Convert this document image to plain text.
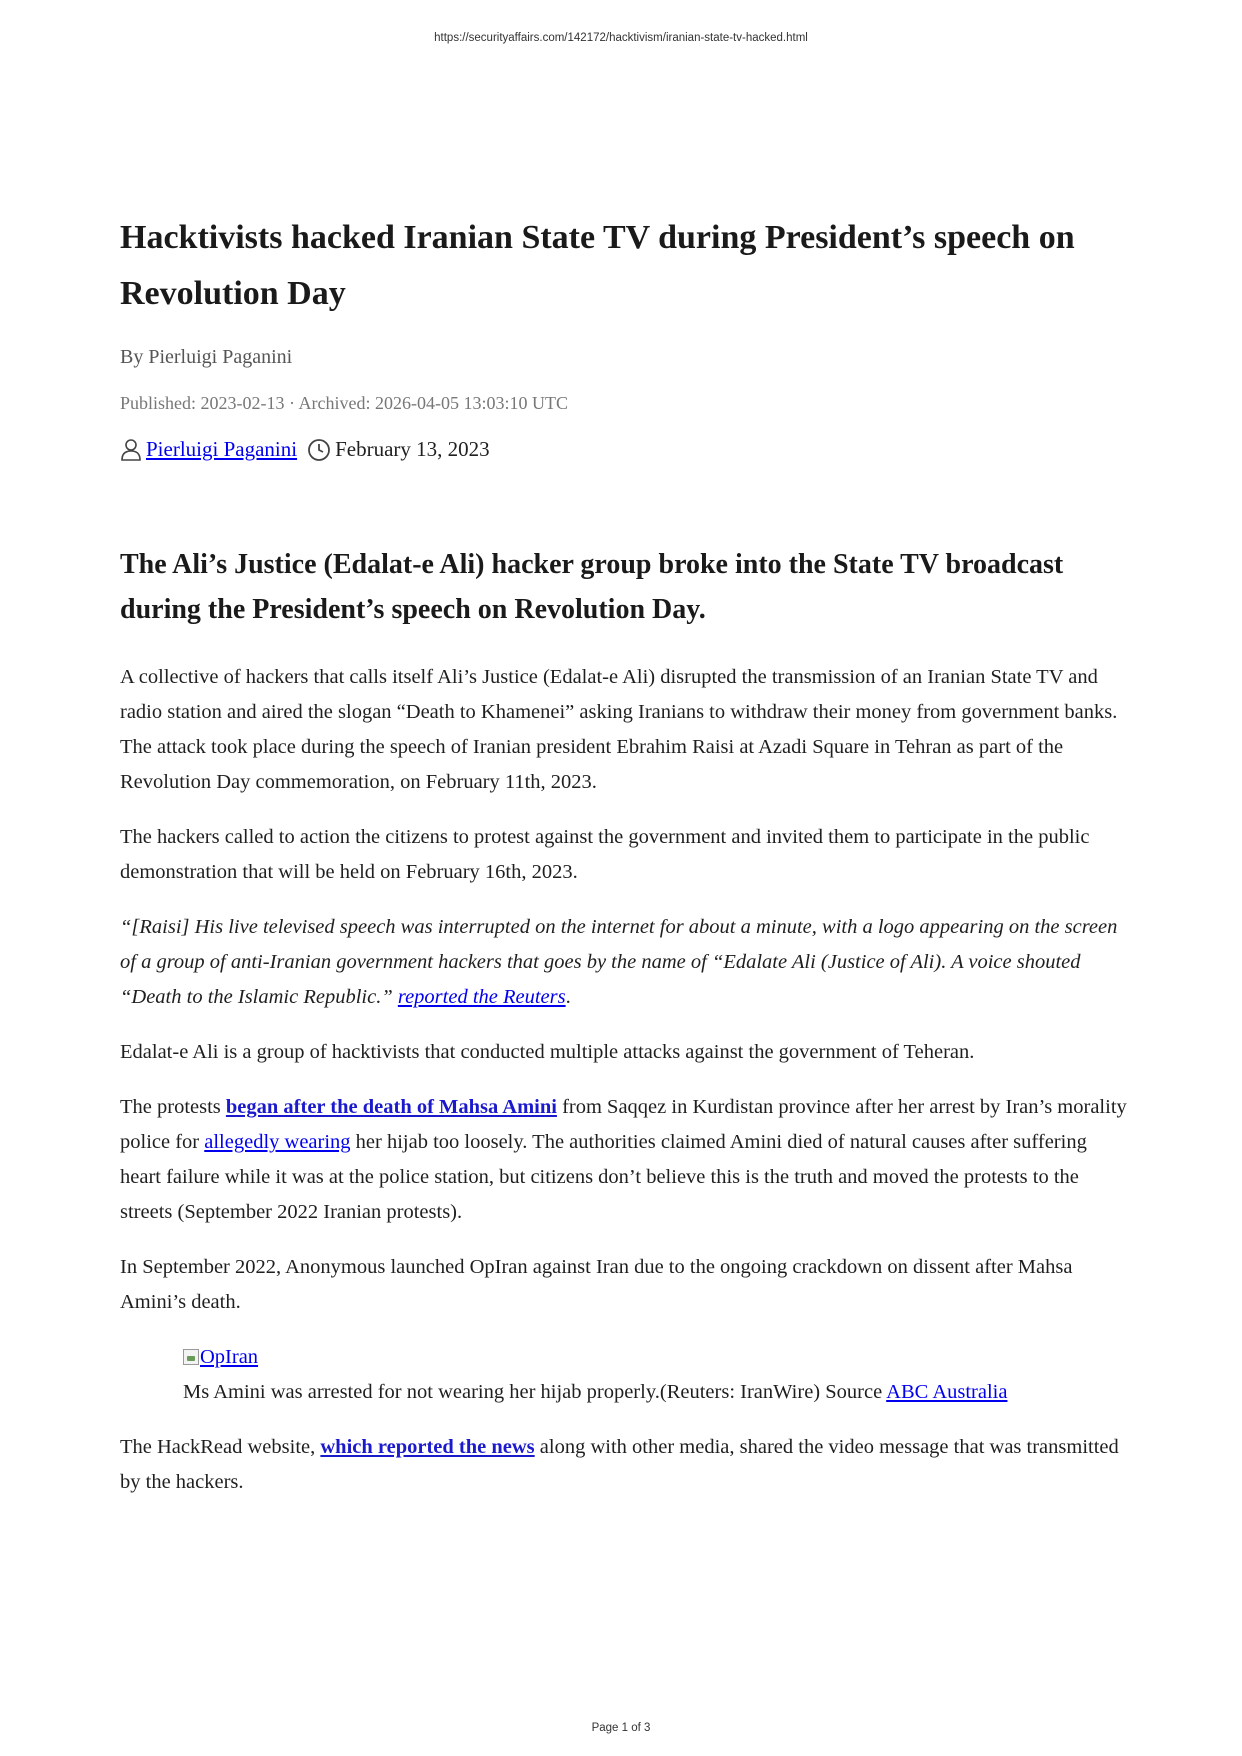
https://securityaffairs.com/142172/hacktivism/iranian-state-tv-hacked.html
Hacktivists hacked Iranian State TV during President’s speech on Revolution Day
By Pierluigi Paganini
Published: 2023-02-13 · Archived: 2026-04-05 13:03:10 UTC
Pierluigi Paganini February 13, 2023
The Ali’s Justice (Edalat-e Ali) hacker group broke into the State TV broadcast during the President’s speech on Revolution Day.

A collective of hackers that calls itself Ali’s Justice (Edalat-e Ali) disrupted the transmission of an Iranian State TV and radio station and aired the slogan “Death to Khamenei” asking Iranians to withdraw their money from government banks. The attack took place during the speech of Iranian president Ebrahim Raisi at Azadi Square in Tehran as part of the Revolution Day commemoration, on February 11th, 2023.

The hackers called to action the citizens to protest against the government and invited them to participate in the public demonstration that will be held on February 16th, 2023.

“[Raisi] His live televised speech was interrupted on the internet for about a minute, with a logo appearing on the screen of a group of anti-Iranian government hackers that goes by the name of “Edalate Ali (Justice of Ali). A voice shouted “Death to the Islamic Republic.” reported the Reuters.

Edalat-e Ali is a group of hacktivists that conducted multiple attacks against the government of Teheran.

The protests began after the death of Mahsa Amini from Saqqez in Kurdistan province after her arrest by Iran’s morality police for allegedly wearing her hijab too loosely. The authorities claimed Amini died of natural causes after suffering heart failure while it was at the police station, but citizens don’t believe this is the truth and moved the protests to the streets (September 2022 Iranian protests).

In September 2022, Anonymous launched OpIran against Iran due to the ongoing crackdown on dissent after Mahsa Amini’s death.

OpIran
Ms Amini was arrested for not wearing her hijab properly.(Reuters: IranWire) Source ABC Australia

The HackRead website, which reported the news along with other media, shared the video message that was transmitted by the hackers.

Page 1 of 3
